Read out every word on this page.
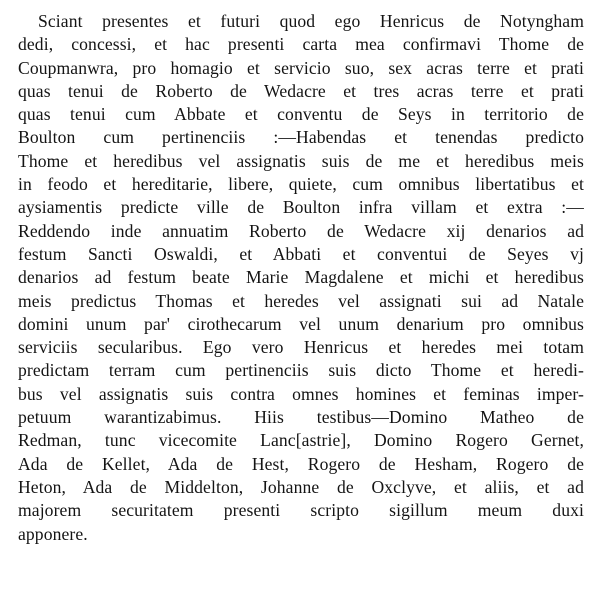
Sciant presentes et futuri quod ego Henricus de Notyngham
dedi, concessi, et hac presenti carta mea confirmavi Thome de
Coupmanwra, pro homagio et servicio suo, sex acras terre et prati
quas tenui de Roberto de Wedacre et tres acras terre et prati
quas tenui cum Abbate et conventu de Seys in territorio de
Boulton cum pertinenciis :—Habendas et tenendas predicto
Thome et heredibus vel assignatis suis de me et heredibus meis
in feodo et hereditarie, libere, quiete, cum omnibus libertatibus et
aysiamentis predicte ville de Boulton infra villam et extra :—
Reddendo inde annuatim Roberto de Wedacre xij denarios ad
festum Sancti Oswaldi, et Abbati et conventui de Seyes vj
denarios ad festum beate Marie Magdalene et michi et heredibus
meis predictus Thomas et heredes vel assignati sui ad Natale
domini unum par' cirothecarum vel unum denarium pro omnibus
serviciis secularibus. Ego vero Henricus et heredes mei totam
predictam terram cum pertinenciis suis dicto Thome et heredi-
bus vel assignatis suis contra omnes homines et feminas imper-
petuum warantizabimus. Hiis testibus—Domino Matheo de
Redman, tunc vicecomite Lanc[astrie], Domino Rogero Gernet,
Ada de Kellet, Ada de Hest, Rogero de Hesham, Rogero de
Heton, Ada de Middelton, Johanne de Oxclyve, et aliis, et ad
majorem securitatem presenti scripto sigillum meum duxi
apponere.
